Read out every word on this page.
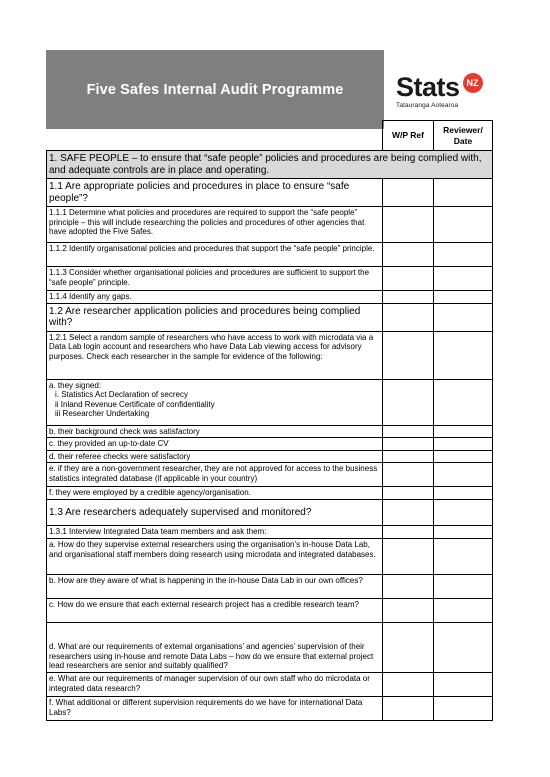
Five Safes Internal Audit Programme Stats NZ
Tatauranga Aotearoa
	W/P Ref	Reviewer/ Date
1. SAFE PEOPLE – to ensure that “safe people” policies and procedures are being complied with, and adequate controls are in place and operating.		
1.1 Are appropriate policies and procedures in place to ensure “safe people”?		
1.1.1 Determine what policies and procedures are required to support the “safe people” principle – this will include researching the policies and procedures of other agencies that have adopted the Five Safes.		
1.1.2 Identify organisational policies and procedures that support the “safe people” principle.		
1.1.3 Consider whether organisational policies and procedures are sufficient to support the “safe people” principle.		
1.1.4 Identify any gaps.		
1.2 Are researcher application policies and procedures being complied with?		
1.2.1 Select a random sample of researchers who have access to work with microdata via a Data Lab login account and researchers who have Data Lab viewing access for advisory purposes. Check each researcher in the sample for evidence of the following:		
a. they signed:
i. Statistics Act Declaration of secrecy
ii Inland Revenue Certificate of confidentiality
iii Researcher Undertaking		

b. their background check was satisfactory		
c. they provided an up-to-date CV		
d. their referee checks were satisfactory		
e. if they are a non-government researcher, they are not approved for access to the business statistics integrated database (if applicable in your country)		
f. they were employed by a credible agency/organisation.		
1.3 Are researchers adequately supervised and monitored?		
1.3.1 Interview Integrated Data team members and ask them:		
a. How do they supervise external researchers using the organisation’s in-house Data Lab, and organisational staff members doing research using microdata and integrated databases.		
b. How are they aware of what is happening in the in-house Data Lab in our own offices?		
c. How do we ensure that each external research project has a credible research team?		
d. What are our requirements of external organisations’ and agencies’ supervision of their researchers using in-house and remote Data Labs – how do we ensure that external project lead researchers are senior and suitably qualified?		
e. What are our requirements of manager supervision of our own staff who do microdata or integrated data research?		
f. What additional or different supervision requirements do we have for international Data Labs?		
